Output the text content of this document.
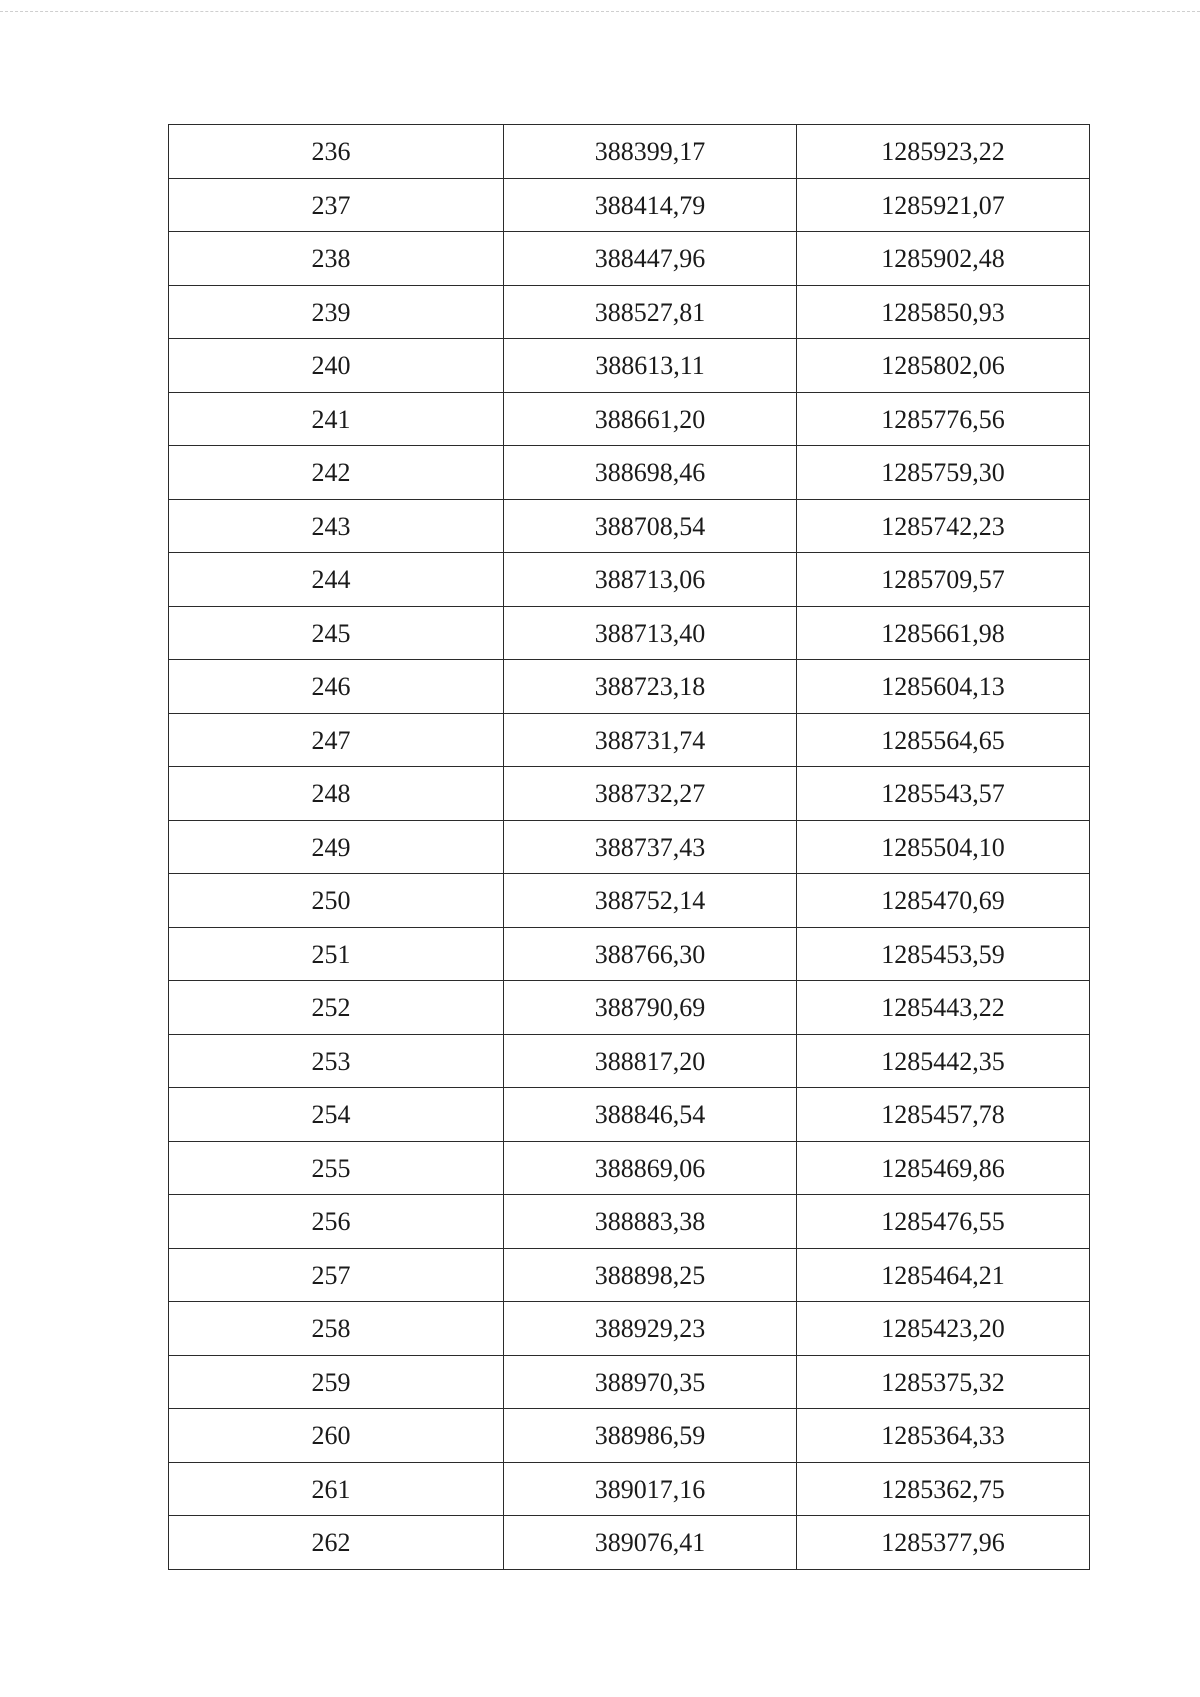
236	388399,17	1285923,22
237	388414,79	1285921,07
238	388447,96	1285902,48
239	388527,81	1285850,93
240	388613,11	1285802,06
241	388661,20	1285776,56
242	388698,46	1285759,30
243	388708,54	1285742,23
244	388713,06	1285709,57
245	388713,40	1285661,98
246	388723,18	1285604,13
247	388731,74	1285564,65
248	388732,27	1285543,57
249	388737,43	1285504,10
250	388752,14	1285470,69
251	388766,30	1285453,59
252	388790,69	1285443,22
253	388817,20	1285442,35
254	388846,54	1285457,78
255	388869,06	1285469,86
256	388883,38	1285476,55
257	388898,25	1285464,21
258	388929,23	1285423,20
259	388970,35	1285375,32
260	388986,59	1285364,33
261	389017,16	1285362,75
262	389076,41	1285377,96
